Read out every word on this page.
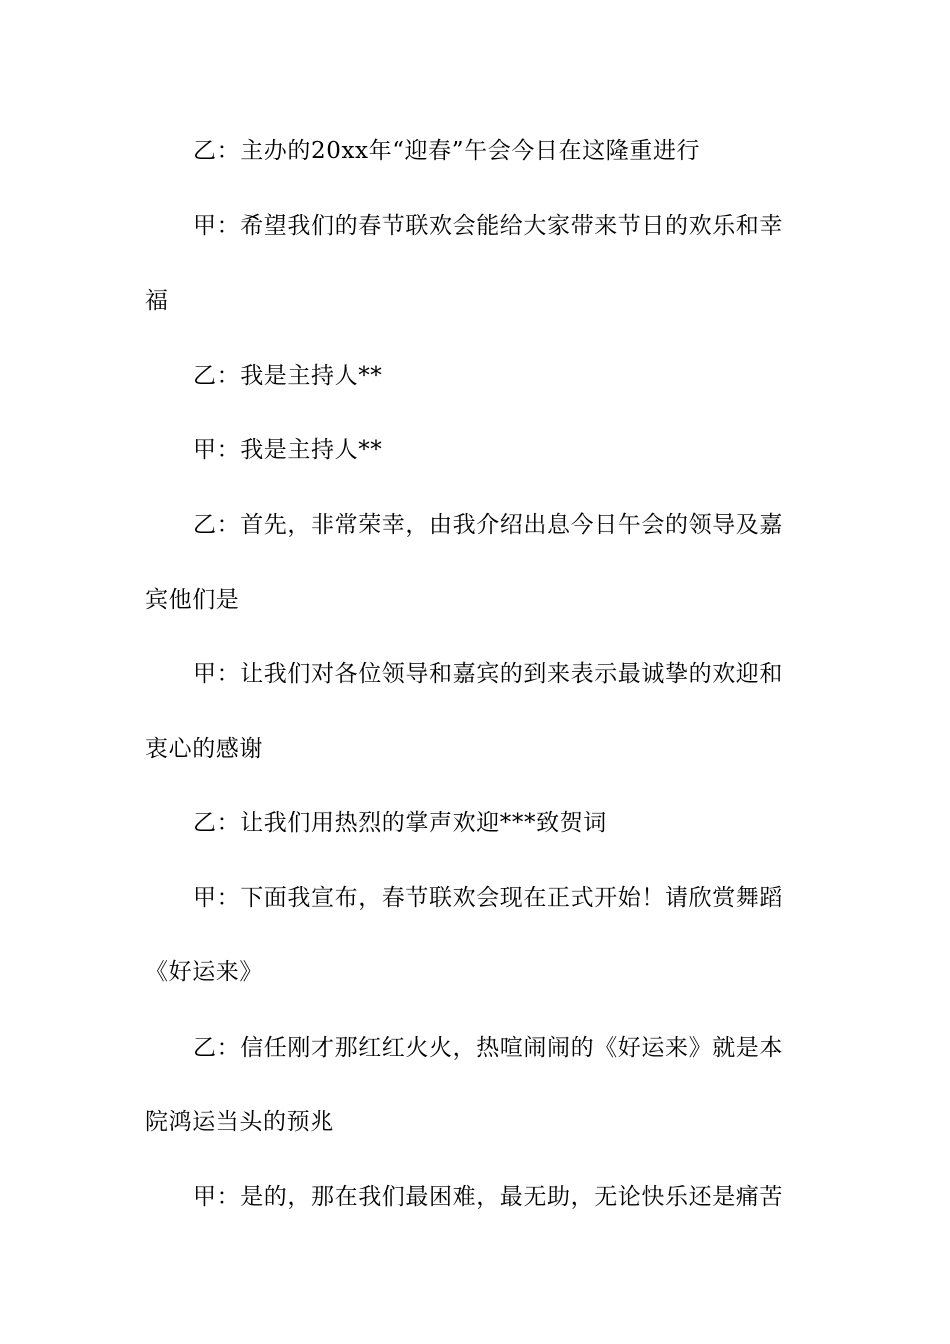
乙：主办的20xx年“迎春”午会今日在这隆重进行
甲：希望我们的春节联欢会能给大家带来节日的欢乐和幸
福
乙：我是主持人**
甲：我是主持人**
乙：首先，非常荣幸，由我介绍出息今日午会的领导及嘉
宾他们是
甲：让我们对各位领导和嘉宾的到来表示最诚挚的欢迎和
衷心的感谢
乙：让我们用热烈的掌声欢迎***致贺词
甲：下面我宣布，春节联欢会现在正式开始！请欣赏舞蹈
《好运来》
乙：信任刚才那红红火火，热喧闹闹的《好运来》就是本
院鸿运当头的预兆
甲：是的，那在我们最困难，最无助，无论快乐还是痛苦
